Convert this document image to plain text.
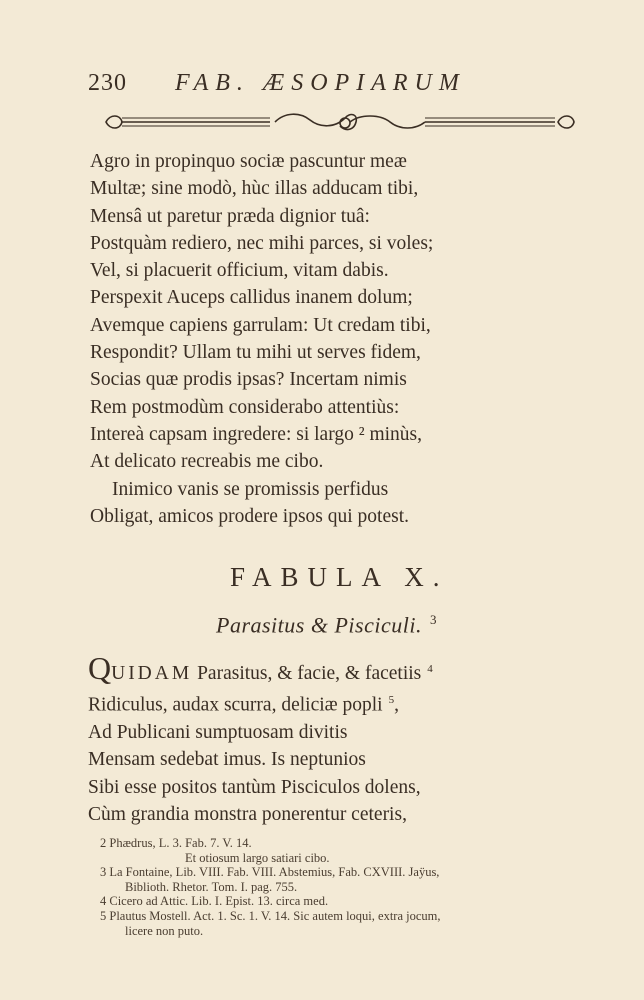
230 FAB. ÆSOPIARUM
Agro in propinquo sociæ pascuntur meæ
Multæ; sine modò, hùc illas adducam tibi,
Mensâ ut paretur præda dignior tuâ:
Postquàm rediero, nec mihi parces, si voles;
Vel, si placuerit officium, vitam dabis.
Perspexit Auceps callidus inanem dolum;
Avemque capiens garrulam: Ut credam tibi,
Respondit? Ullam tu mihi ut serves fidem,
Socias quæ prodis ipsas? Incertam nimis
Rem postmodùm considerabo attentiùs:
Intereà capsam ingredere: si largo ² minùs,
At delicato recreabis me cibo.
Inimico vanis se promissis perfidus
Obligat, amicos prodere ipsos qui potest.
FABULA X.
Parasitus & Pisciculi. $^3$
QUIDAM Parasitus, & facie, & facetiis $^4$
Ridiculus, audax scurra, deliciæ popli $^5$,
Ad Publicani sumptuosam divitis
Mensam sedebat imus. Is neptunios
Sibi esse positos tantùm Pisciculos dolens,
Cùm grandia monstra ponerentur ceteris,
2 Phædrus, L. 3. Fab. 7. V. 14.
Et otiosum largo satiari cibo.
3 La Fontaine, Lib. VIII. Fab. VIII. Abstemius, Fab. CXVIII. Jaÿus,
Biblioth. Rhetor. Tom. I. pag. 755.
4 Cicero ad Attic. Lib. I. Epist. 13. circa med.
5 Plautus Mostell. Act. 1. Sc. 1. V. 14. Sic autem loqui, extra jocum,
licere non puto.
